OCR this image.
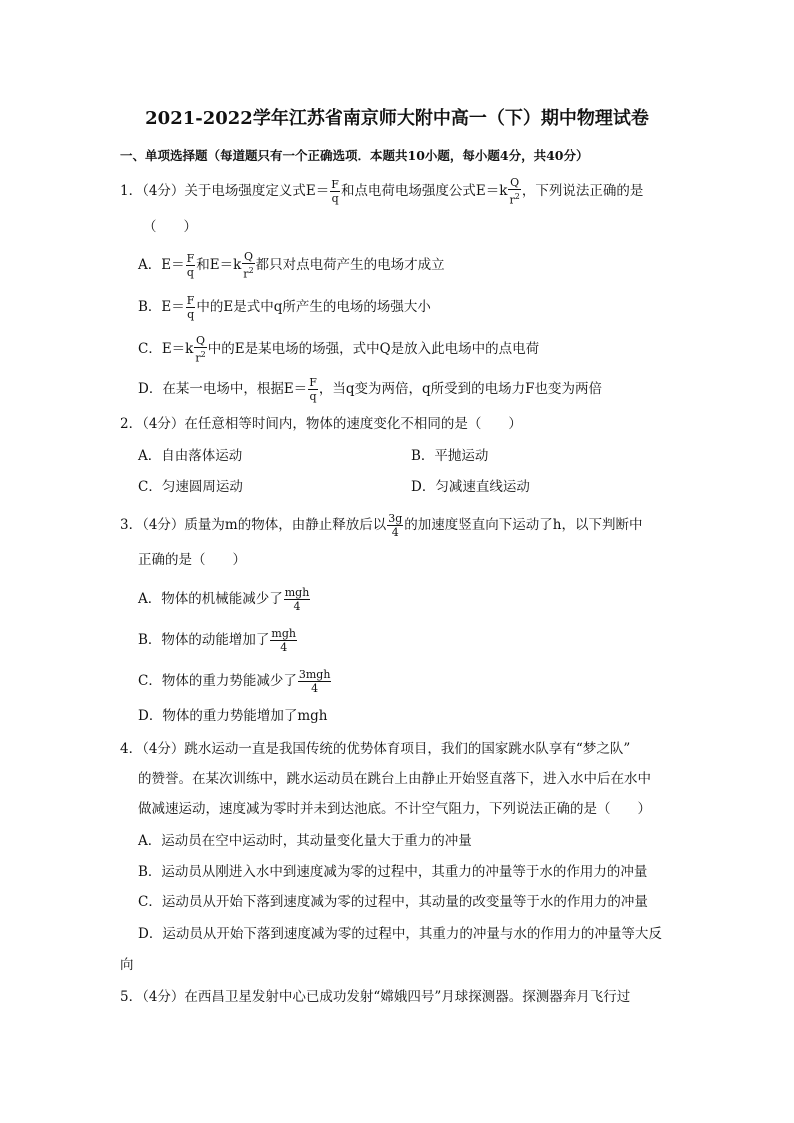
2021-2022学年江苏省南京师大附中高一（下）期中物理试卷
一、单项选择题（每道题只有一个正确选项．本题共10小题，每小题4分，共40分）
1．（4分）关于电场强度定义式$E= \frac{F}{q}$ 和点电荷电场强度公式$E=k \frac{Q}{r^2}$ ，下列说法正确的是
（　　）
A．$E= \frac{F}{q}$ 和$E=k \frac{Q}{r^2}$ 都只对点电荷产生的电场才成立
B．$E= \frac{F}{q}$ 中的E是式中q所产生的电场的场强大小
C．$E=k \frac{Q}{r^2}$ 中的E是某电场的场强，式中Q是放入此电场中的点电荷
D．在某一电场中，根据$E= \frac{F}{q}$ ，当q变为两倍，q所受到的电场力F也变为两倍
2．（4分）在任意相等时间内，物体的速度变化不相同的是（　　）
A．自由落体运动	B．平抛运动
C．匀速圆周运动	D．匀减速直线运动
3．（4分）质量为m的物体，由静止释放后以 $\frac{3g}{4}$ 的加速度竖直向下运动了h，以下判断中
正确的是（　　）
A．物体的机械能减少了 $\frac{\text{mgh}}{4}$
B．物体的动能增加了 $\frac{\text{mgh}}{4}$
C．物体的重力势能减少了 $\frac{\text{3mgh}}{4}$
D．物体的重力势能增加了mgh
4．（4分）跳水运动一直是我国传统的优势体育项目，我们的国家跳水队享有“梦之队”
的赞誉。在某次训练中，跳水运动员在跳台上由静止开始竖直落下，进入水中后在水中
做减速运动，速度减为零时并未到达池底。不计空气阻力，下列说法正确的是（　　）
A．运动员在空中运动时，其动量变化量大于重力的冲量
B．运动员从刚进入水中到速度减为零的过程中，其重力的冲量等于水的作用力的冲量
C．运动员从开始下落到速度减为零的过程中，其动量的改变量等于水的作用力的冲量
D．运动员从开始下落到速度减为零的过程中，其重力的冲量与水的作用力的冲量等大反
向
5．（4分）在西昌卫星发射中心已成功发射“嫦娥四号”月球探测器。探测器奔月飞行过
